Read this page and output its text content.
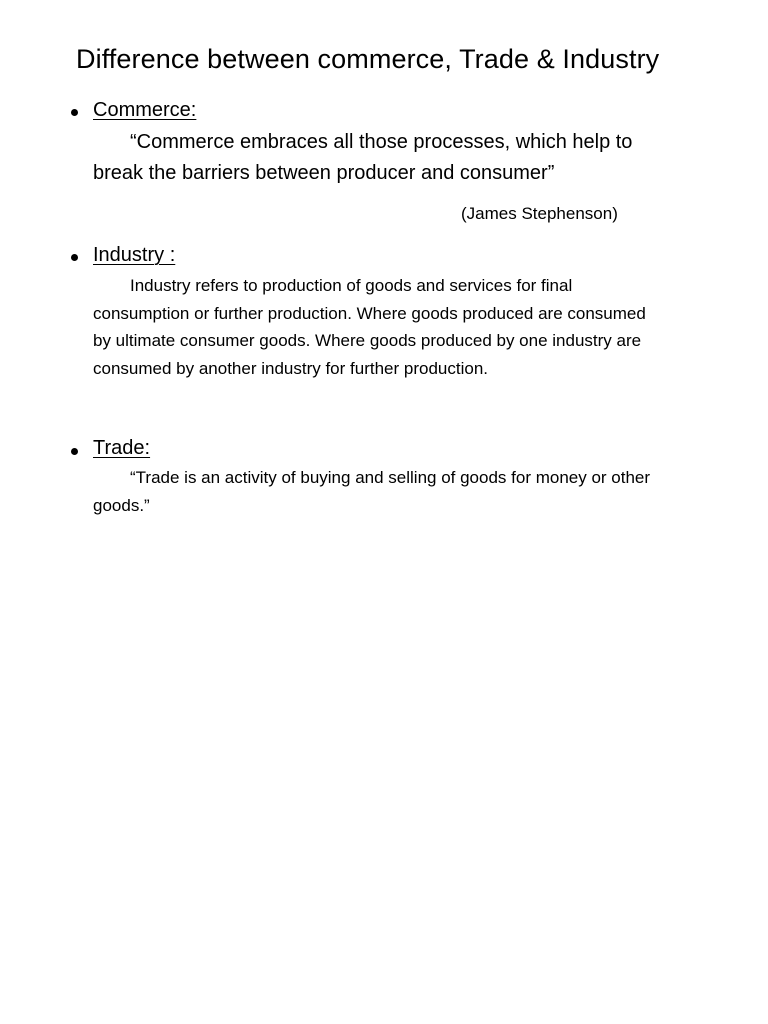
Difference between commerce, Trade & Industry
Commerce:

“Commerce embraces all those processes, which help to
break the barriers between producer and consumer”

(James Stephenson)
Industry :

Industry refers to production of goods and services for final
consumption or further production. Where goods produced are consumed
by ultimate consumer goods. Where goods produced by one industry are
consumed by another industry for further production.

Trade:

“Trade is an activity of buying and selling of goods for money or other
goods.”
